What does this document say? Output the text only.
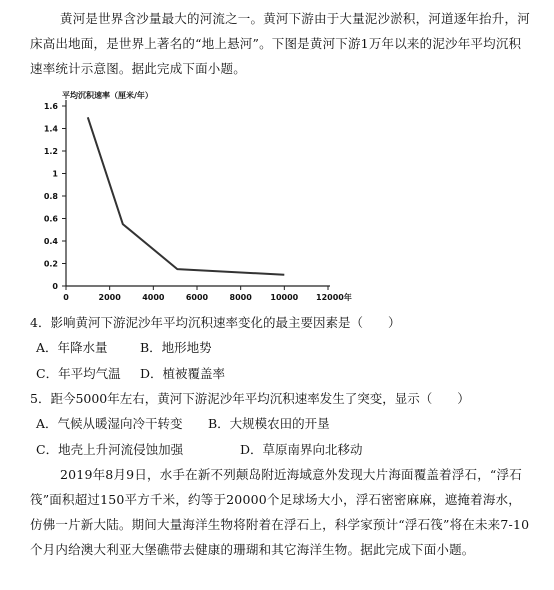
黄河是世界含沙量最大的河流之一。黄河下游由于大量泥沙淤积，河道逐年抬升，河床高出地面，是世界上著名的“地上悬河”。下图是黄河下游1万年以来的泥沙年平均沉积速率统计示意图。据此完成下面小题。

平均沉积速率（厘米/年）
0
0.2
0.4
0.6
0.8
1
1.2
1.4
1.6
0	2000	4000	6000	8000 10000 12000年
4．影响黄河下游泥沙年平均沉积速率变化的最主要因素是（　　）
A．年降水量	B．地形地势
C．年平均气温 D．植被覆盖率
5．距今5000年左右，黄河下游泥沙年平均沉积速率发生了突变，显示（　　）
A．气候从暖湿向冷干转变 B．大规模农田的开垦
C．地壳上升河流侵蚀加强	D．草原南界向北移动

2019年8月9日，水手在新不列颠岛附近海域意外发现大片海面覆盖着浮石，“浮石筏”面积超过150平方千米，约等于20000个足球场大小，浮石密密麻麻，遮掩着海水，仿佛一片新大陆。期间大量海洋生物将附着在浮石上，科学家预计“浮石筏”将在未来7-10个月内给澳大利亚大堡礁带去健康的珊瑚和其它海洋生物。据此完成下面小题。
